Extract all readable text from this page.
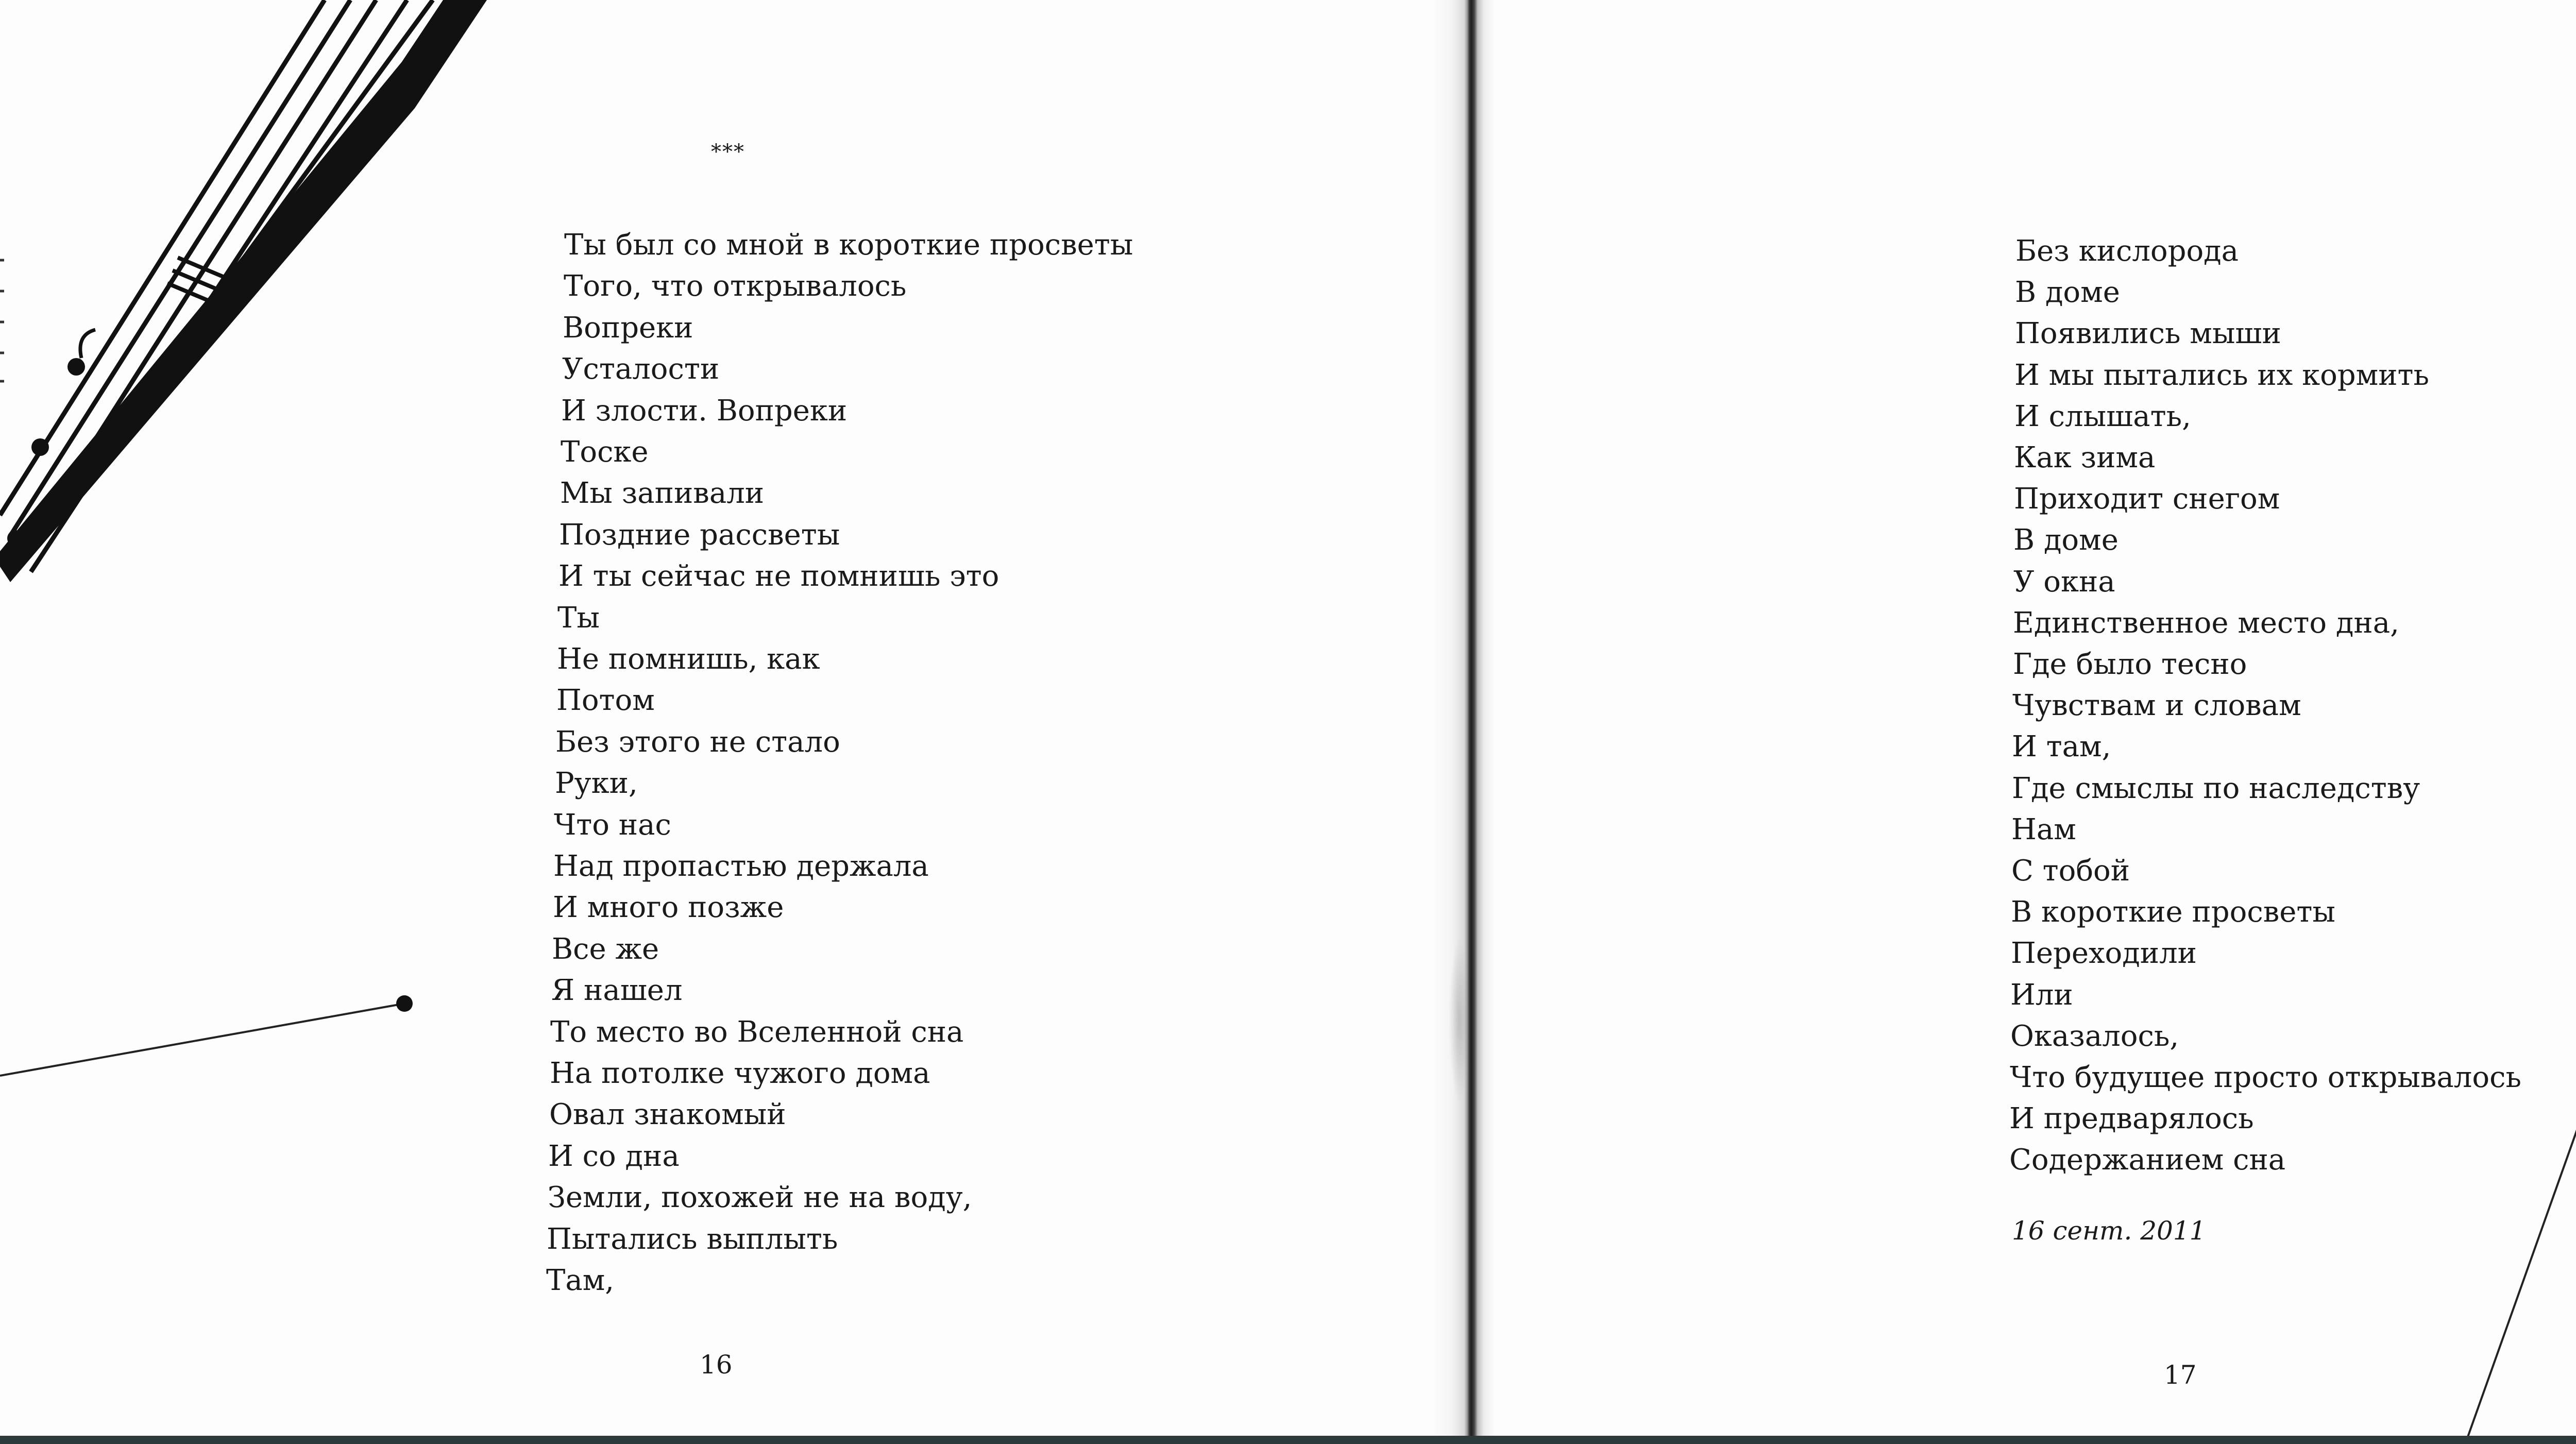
***
Ты был со мной в короткие просветы
Того, что открывалось
Вопреки
Усталости
И злости. Вопреки
Тоске
Мы запивали
Поздние рассветы
И ты сейчас не помнишь это
Ты
Не помнишь, как
Потом
Без этого не стало
Руки,
Что нас
Над пропастью держала
И много позже
Все же
Я нашел
То место во Вселенной сна
На потолке чужого дома
Овал знакомый
И со дна
Земли, похожей не на воду,
Пытались выплыть
Там,
16
Без кислорода
В доме
Появились мыши
И мы пытались их кормить
И слышать,
Как зима
Приходит снегом
В доме
У окна
Единственное место дна,
Где было тесно
Чувствам и словам
И там,
Где смыслы по наследству
Нам
С тобой
В короткие просветы
Переходили
Или
Оказалось,
Что будущее просто открывалось
И предварялось
Содержанием сна
16 сент. 2011
17
